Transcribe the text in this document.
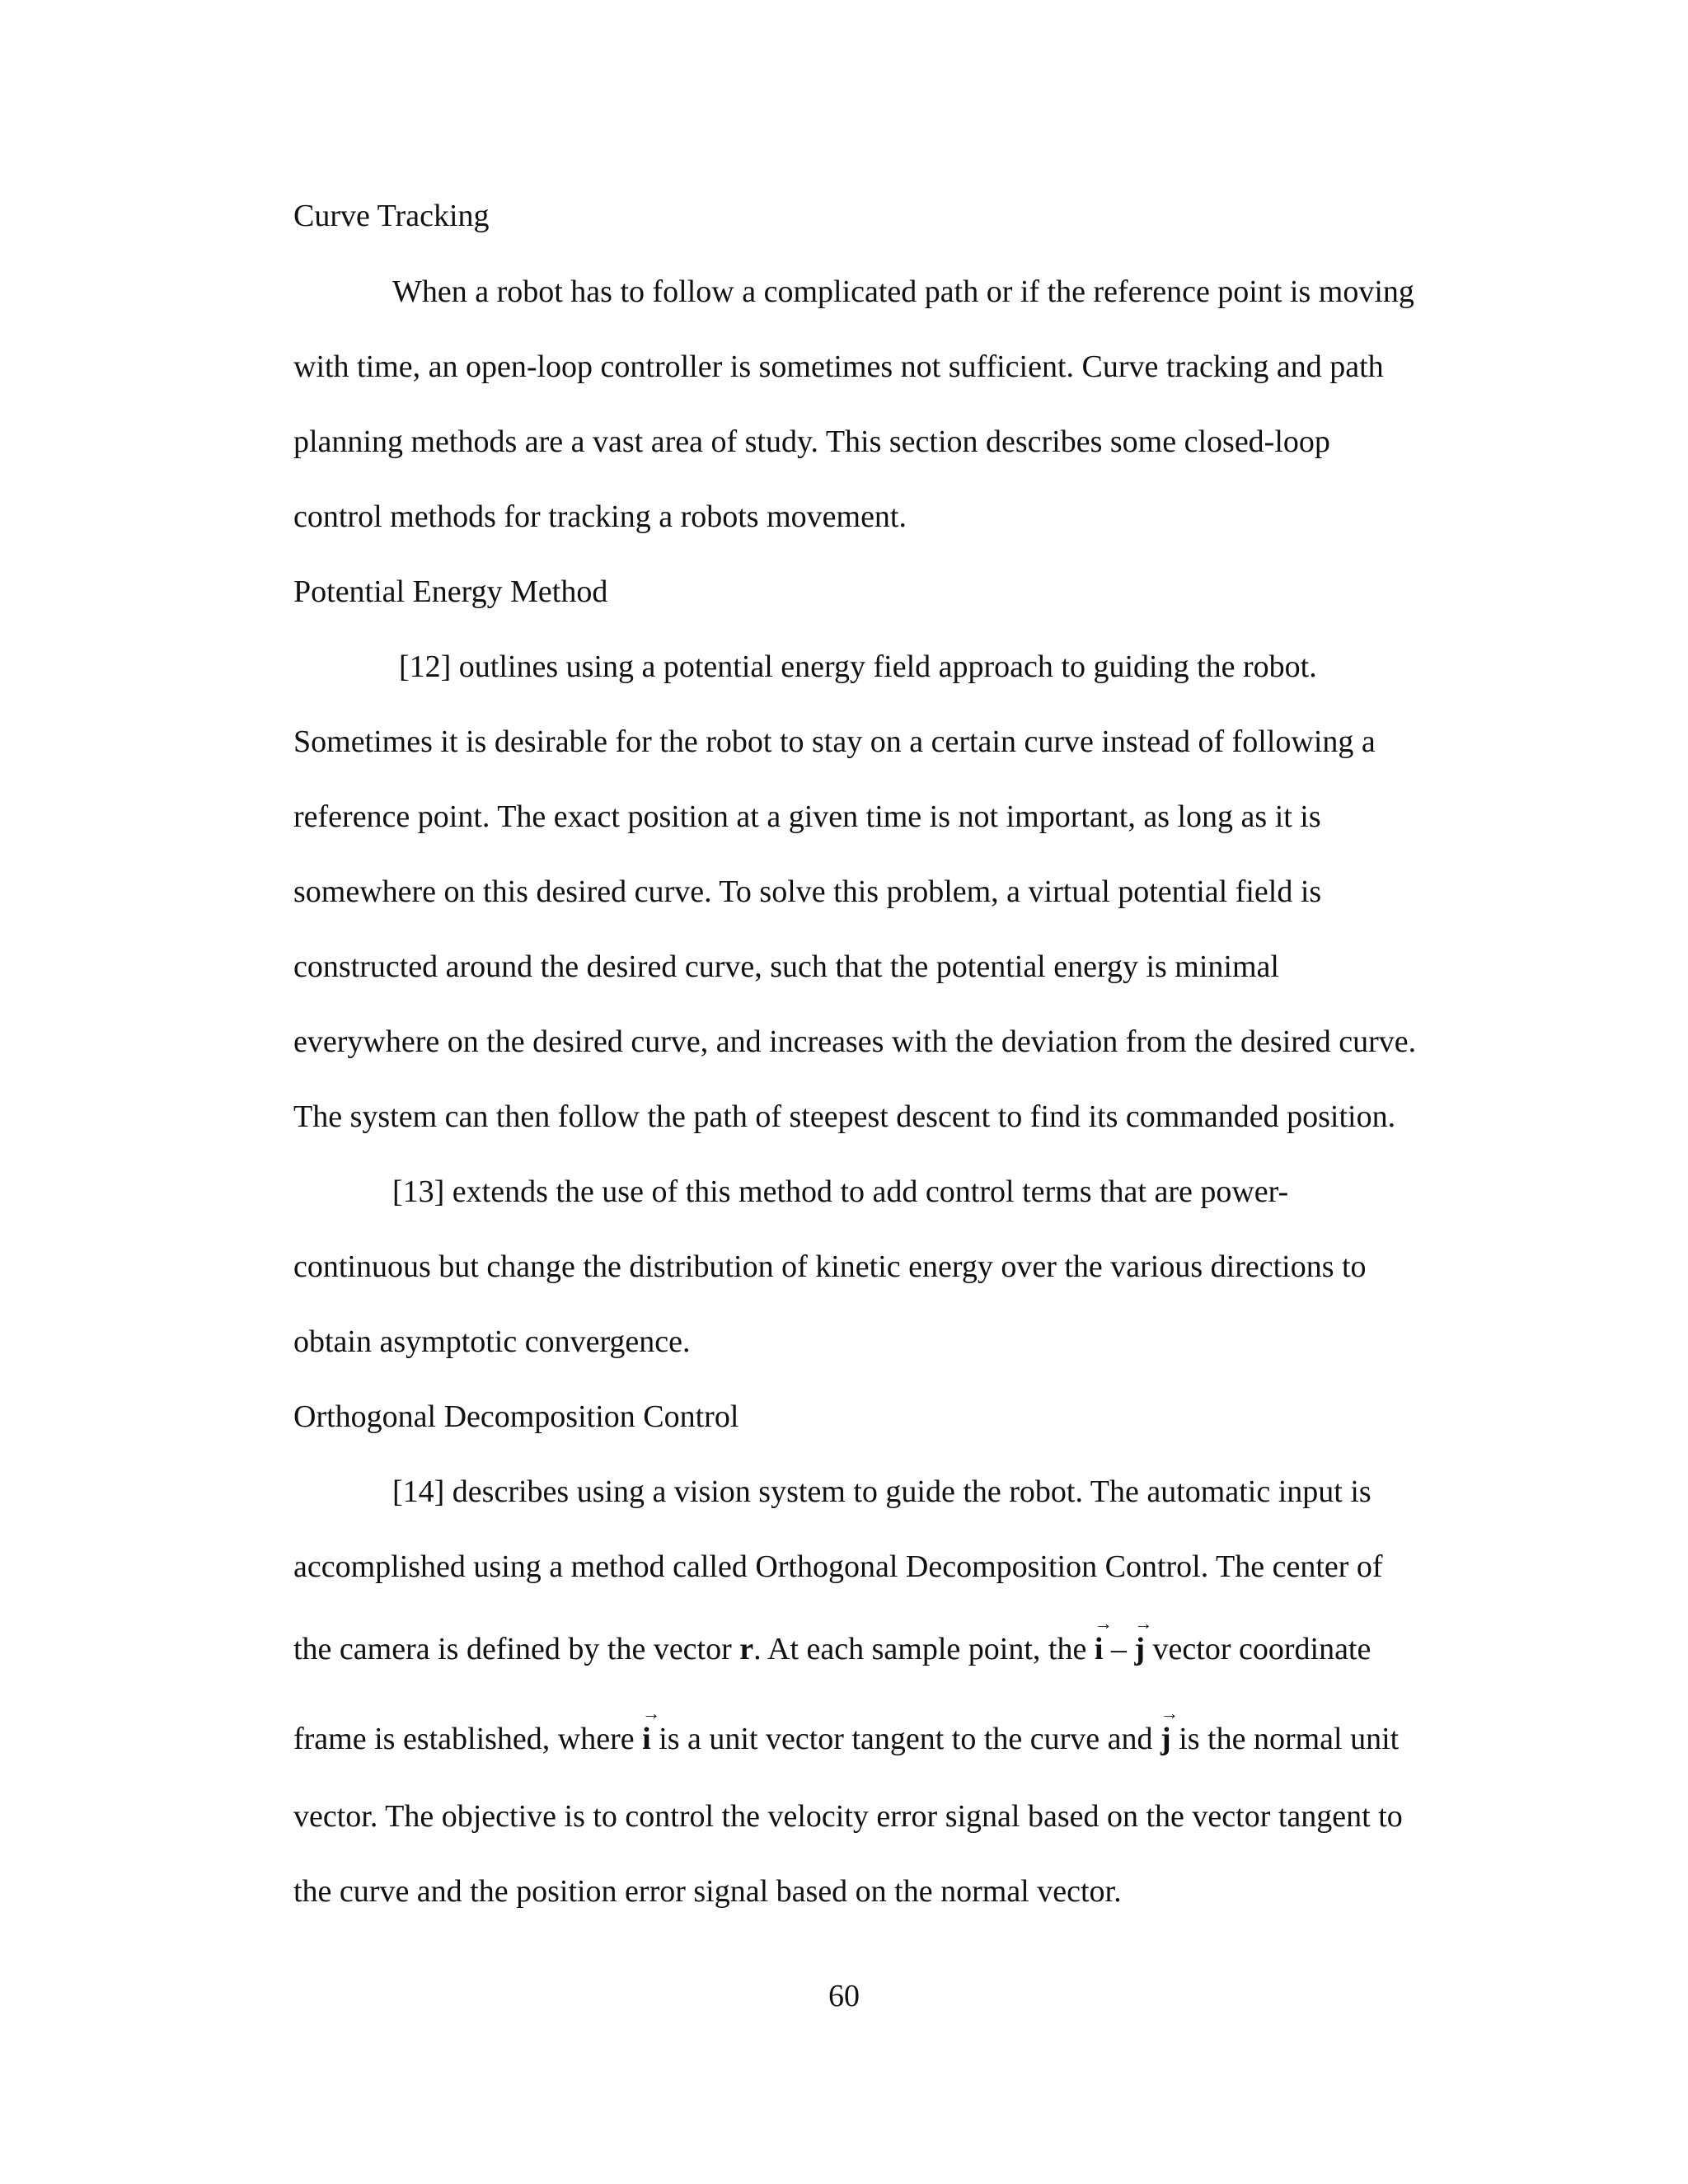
Curve Tracking
When a robot has to follow a complicated path or if the reference point is moving
with time, an open-loop controller is sometimes not sufficient. Curve tracking and path
planning methods are a vast area of study. This section describes some closed-loop
control methods for tracking a robots movement.
Potential Energy Method
[12] outlines using a potential energy field approach to guiding the robot.
Sometimes it is desirable for the robot to stay on a certain curve instead of following a
reference point. The exact position at a given time is not important, as long as it is
somewhere on this desired curve. To solve this problem, a virtual potential field is
constructed around the desired curve, such that the potential energy is minimal
everywhere on the desired curve, and increases with the deviation from the desired curve.
The system can then follow the path of steepest descent to find its commanded position.
[13] extends the use of this method to add control terms that are power-
continuous but change the distribution of kinetic energy over the various directions to
obtain asymptotic convergence.
Orthogonal Decomposition Control
[14] describes using a vision system to guide the robot. The automatic input is
accomplished using a method called Orthogonal Decomposition Control. The center of
the camera is defined by the vector r. At each sample point, the
→
i –
→
j vector coordinate
frame is established, where
→
i is a unit vector tangent to the curve and
→
j is the normal unit
vector. The objective is to control the velocity error signal based on the vector tangent to
the curve and the position error signal based on the normal vector.
60
